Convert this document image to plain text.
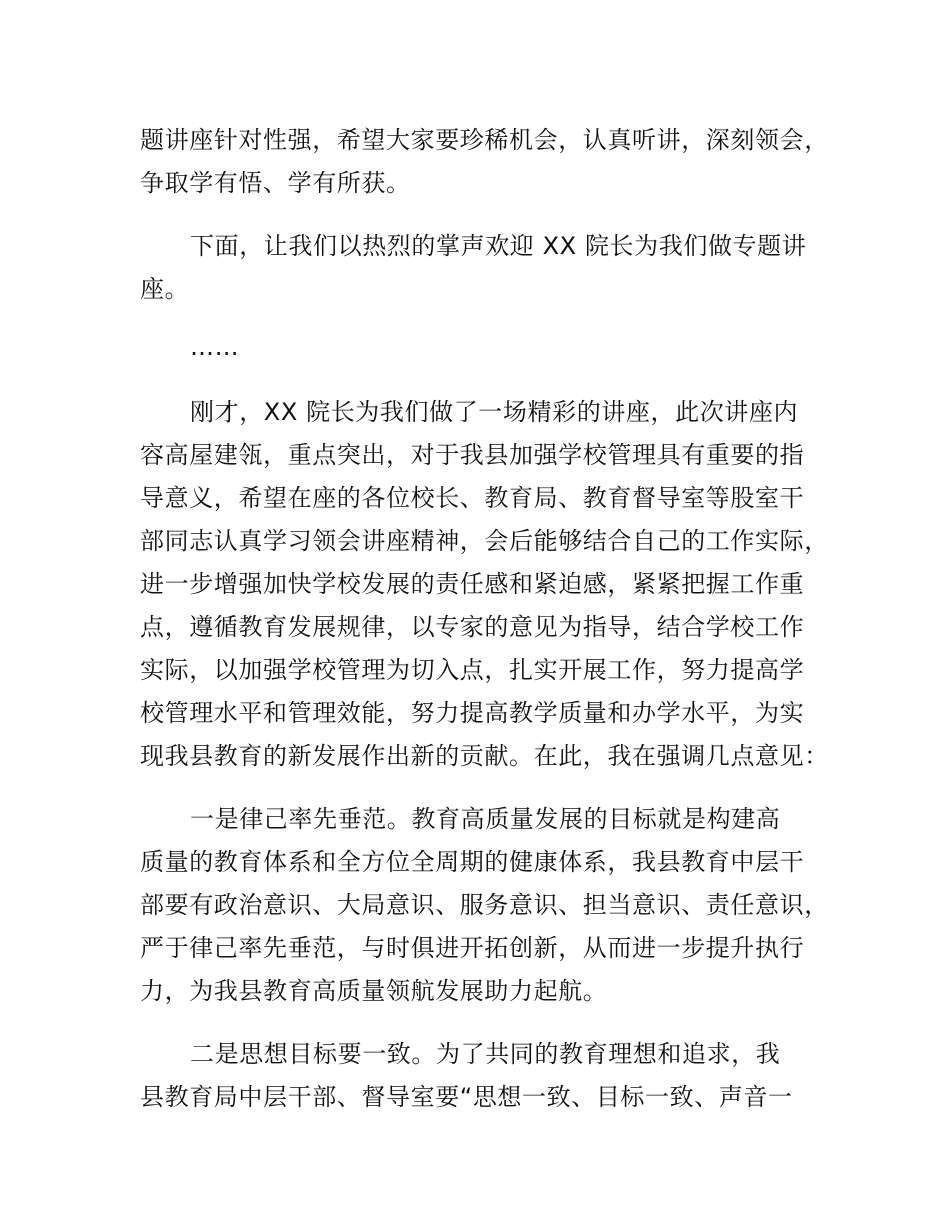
题讲座针对性强，希望大家要珍稀机会，认真听讲，深刻领会，
争取学有悟、学有所获。
下面，让我们以热烈的掌声欢迎 XX 院长为我们做专题讲
座。
……
刚才，XX 院长为我们做了一场精彩的讲座，此次讲座内
容高屋建瓴，重点突出，对于我县加强学校管理具有重要的指
导意义，希望在座的各位校长、教育局、教育督导室等股室干
部同志认真学习领会讲座精神，会后能够结合自己的工作实际，
进一步增强加快学校发展的责任感和紧迫感，紧紧把握工作重
点，遵循教育发展规律，以专家的意见为指导，结合学校工作
实际，以加强学校管理为切入点，扎实开展工作，努力提高学
校管理水平和管理效能，努力提高教学质量和办学水平，为实
现我县教育的新发展作出新的贡献。在此，我在强调几点意见：
一是律己率先垂范。教育高质量发展的目标就是构建高
质量的教育体系和全方位全周期的健康体系，我县教育中层干
部要有政治意识、大局意识、服务意识、担当意识、责任意识，
严于律己率先垂范，与时俱进开拓创新，从而进一步提升执行
力，为我县教育高质量领航发展助力起航。
二是思想目标要一致。为了共同的教育理想和追求，我
县教育局中层干部、督导室要“思想一致、目标一致、声音一
